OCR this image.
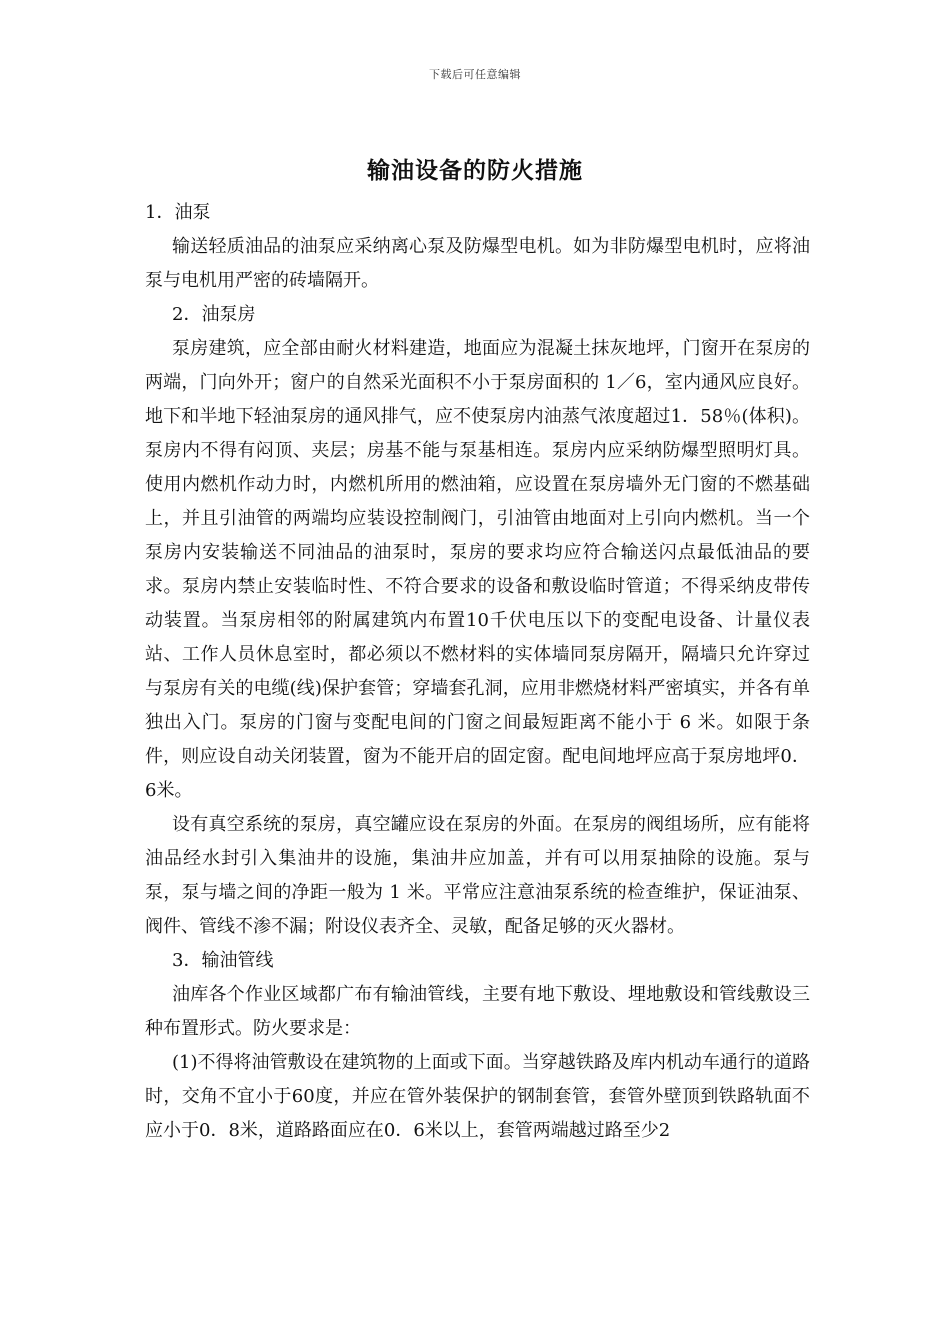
下载后可任意编辑
输油设备的防火措施

1．油泵

输送轻质油品的油泵应采纳离心泵及防爆型电机。如为非防爆型电机时，应将油泵与电机用严密的砖墙隔开。

2．油泵房

泵房建筑，应全部由耐火材料建造，地面应为混凝土抹灰地坪，门窗开在泵房的两端，门向外开；窗户的自然采光面积不小于泵房面积的 1／6，室内通风应良好。地下和半地下轻油泵房的通风排气，应不使泵房内油蒸气浓度超过1．58％(体积)。泵房内不得有闷顶、夹层；房基不能与泵基相连。泵房内应采纳防爆型照明灯具。使用内燃机作动力时，内燃机所用的燃油箱，应设置在泵房墙外无门窗的不燃基础上，并且引油管的两端均应装设控制阀门，引油管由地面对上引向内燃机。当一个泵房内安装输送不同油品的油泵时，泵房的要求均应符合输送闪点最低油品的要求。泵房内禁止安装临时性、不符合要求的设备和敷设临时管道；不得采纳皮带传动装置。当泵房相邻的附属建筑内布置10千伏电压以下的变配电设备、计量仪表站、工作人员休息室时，都必须以不燃材料的实体墙同泵房隔开，隔墙只允许穿过与泵房有关的电缆(线)保护套管；穿墙套孔洞，应用非燃烧材料严密填实，并各有单独出入门。泵房的门窗与变配电间的门窗之间最短距离不能小于 6 米。如限于条件，则应设自动关闭装置，窗为不能开启的固定窗。配电间地坪应高于泵房地坪0．6米。

设有真空系统的泵房，真空罐应设在泵房的外面。在泵房的阀组场所，应有能将油品经水封引入集油井的设施，集油井应加盖，并有可以用泵抽除的设施。泵与泵，泵与墙之间的净距一般为 1 米。平常应注意油泵系统的检查维护，保证油泵、阀件、管线不渗不漏；附设仪表齐全、灵敏，配备足够的灭火器材。

3．输油管线

油库各个作业区域都广布有输油管线，主要有地下敷设、埋地敷设和管线敷设三种布置形式。防火要求是：

(1)不得将油管敷设在建筑物的上面或下面。当穿越铁路及库内机动车通行的道路时，交角不宜小于60度，并应在管外装保护的钢制套管，套管外壁顶到铁路轨面不应小于0．8米，道路路面应在0．6米以上，套管两端越过路至少2
